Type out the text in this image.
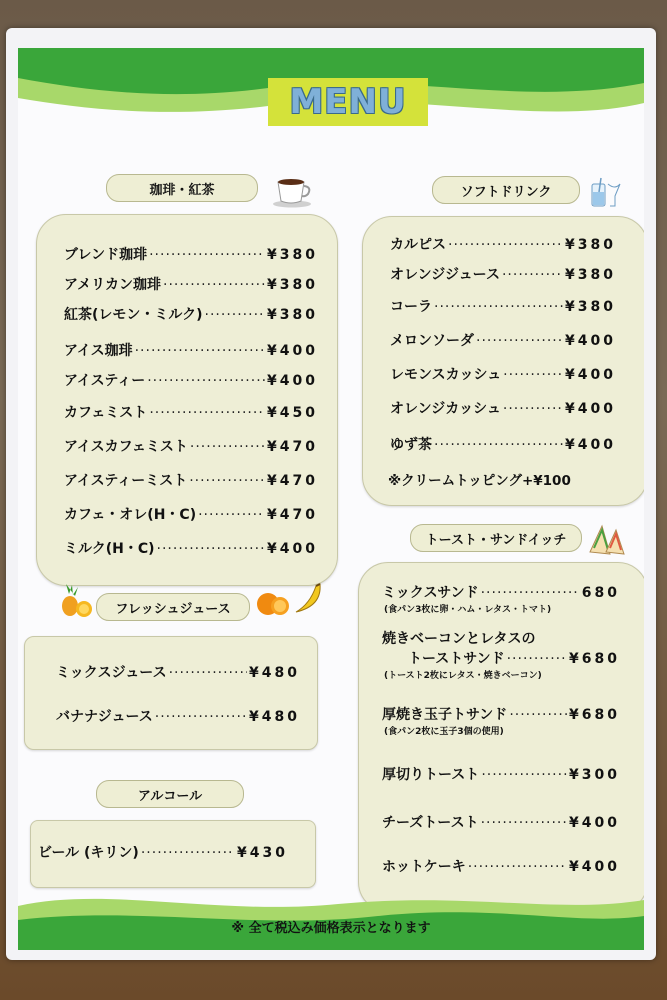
MENU
珈琲・紅茶	ソフトドリンク
※クリームトッピング+¥100
フレッシュジュース
アルコール
トースト・サンドイッチ
※ 全て税込み価格表示となります
ブレンド珈琲 ·····	¥380
アメリカン珈琲 ·····	¥380
紅茶(レモン・ミルク) ·····	¥380
アイス珈琲 ·····	¥400
アイスティー ·····	¥400
カフェミスト ·····	¥450
アイスカフェミスト ·····	¥470
アイスティーミスト ·····	¥470
カフェ・オレ(H・C) ·····	¥470
ミルク(H・C) ·····	¥400
カルピス ·····	¥380
オレンジジュース ·····	¥380
コーラ ·····	¥380
メロンソーダ ·····	¥400
レモンスカッシュ ·····	¥400
オレンジカッシュ ·····	¥400
ゆず茶 ·····	¥400
ミックスジュース ·····	¥480
バナナジュース ·····	¥480
ビール (キリン) ·····	¥430
ミックスサンド ·····	680
(食パン3枚に卵・ハム・レタス・トマト)
焼きベーコンとレタスの
トーストサンド ·····	¥680
(トースト2枚にレタス・焼きベーコン)
厚焼き玉子トサンド ·····	¥680
(食パン2枚に玉子3個の使用)
厚切りトースト ·····	¥300
チーズトースト ·····	¥400
ホットケーキ ·····	¥400
